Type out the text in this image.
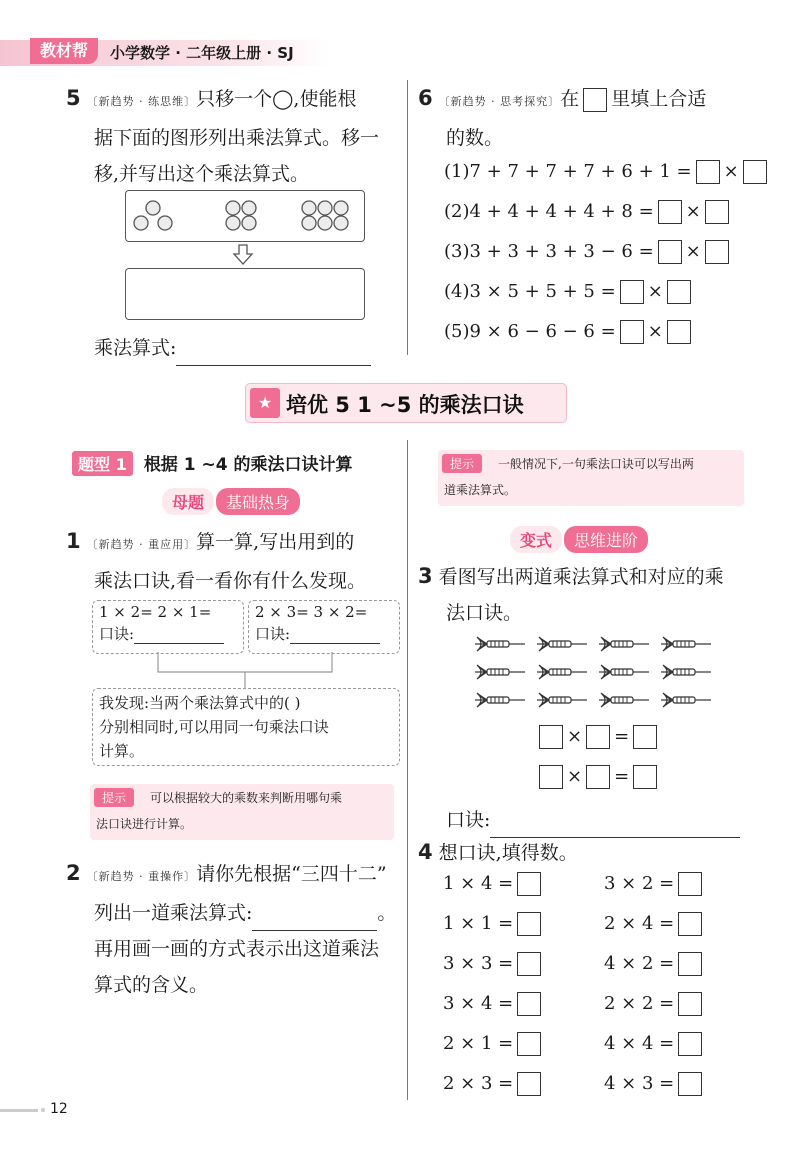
教材帮	小学数学 · 二年级上册 · SJ
5 〔新趋势 · 练思维〕只移一个◯,使能根
据下面的图形列出乘法算式。移一
移,并写出这个乘法算式。
乘法算式:
6 〔新趋势 · 思考探究〕在 里填上合适
的数。
(1)7 + 7 + 7 + 7 + 6 + 1 = ×
(2)4 + 4 + 4 + 4 + 8 = ×
(3)3 + 3 + 3 + 3 − 6 = ×
(4)3 × 5 + 5 + 5 = ×
(5)9 × 6 − 6 − 6 = ×
★ 培优 5 1 ~5 的乘法口诀
题型 1 根据 1 ~4 的乘法口诀计算
母题 基础热身
1 〔新趋势 · 重应用〕算一算,写出用到的
乘法口诀,看一看你有什么发现。
1 × 2= 2 × 1=
口诀:
2 × 3= 3 × 2=
口诀:
我发现:当两个乘法算式中的( )
分别相同时,可以用同一句乘法口诀
计算。
提示 可以根据较大的乘数来判断用哪句乘
法口诀进行计算。
2 〔新趋势 · 重操作〕请你先根据“三四十二”
列出一道乘法算式:	。
再用画一画的方式表示出这道乘法
算式的含义。
提示 一般情况下,一句乘法口诀可以写出两
道乘法算式。
变式 思维进阶
3 看图写出两道乘法算式和对应的乘
法口诀。
× =
× =
口诀:
4 想口诀,填得数。
1 × 4 =
1 × 1 =
3 × 3 =
3 × 4 =
2 × 1 =
2 × 3 =
3 × 2 =
2 × 4 =
4 × 2 =
2 × 2 =
4 × 4 =
4 × 3 =
12
